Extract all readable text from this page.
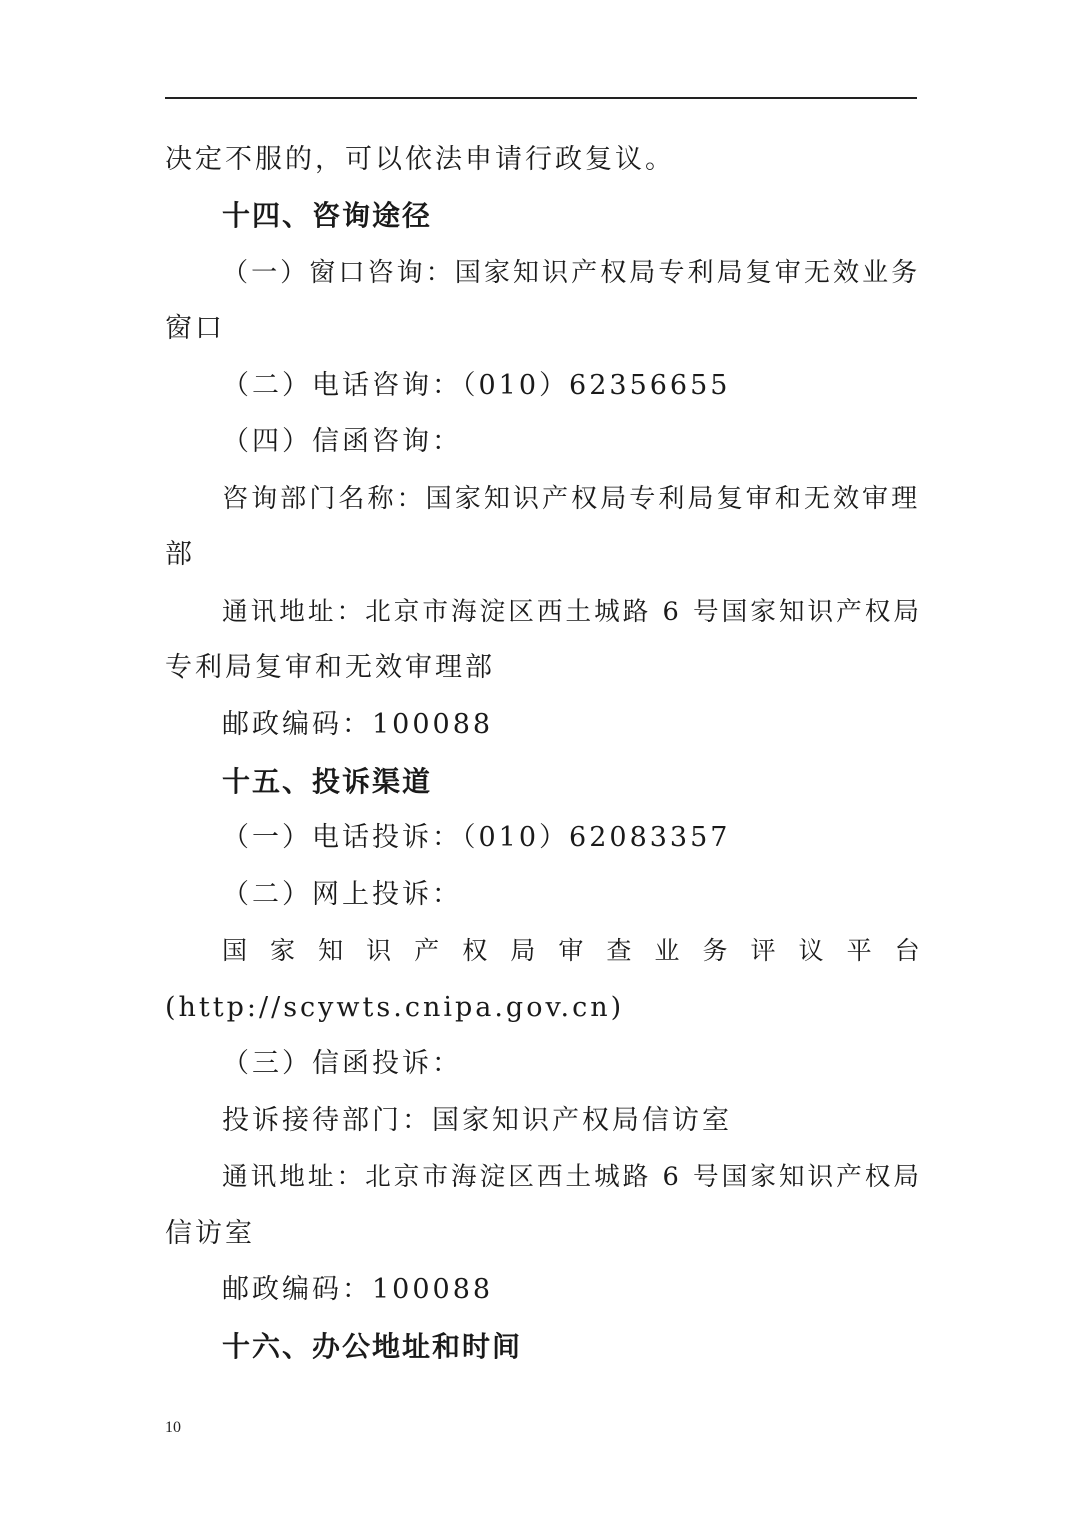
决定不服的，可以依法申请行政复议。
十四、咨询途径
（一）窗口咨询：国家知识产权局专利局复审无效业务
窗口
（二）电话咨询：（010）62356655
（四）信函咨询：
咨询部门名称：国家知识产权局专利局复审和无效审理
部
通讯地址：北京市海淀区西土城路 6 号国家知识产权局
专利局复审和无效审理部
邮政编码：100088
十五、投诉渠道
（一）电话投诉：（010）62083357
（二）网上投诉：
国家知识产权局审查业务评议平台
(http://scywts.cnipa.gov.cn)
（三）信函投诉：
投诉接待部门：国家知识产权局信访室
通讯地址：北京市海淀区西土城路 6 号国家知识产权局
信访室
邮政编码：100088
十六、办公地址和时间
10
